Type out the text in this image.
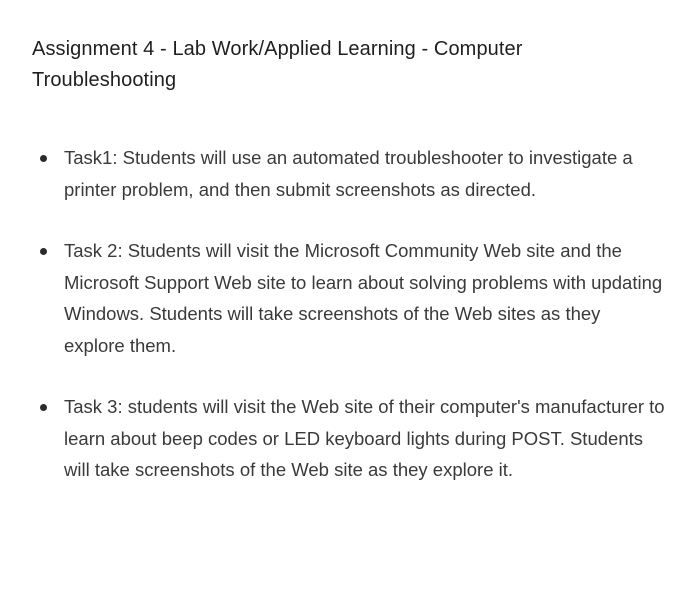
Assignment 4 - Lab Work/Applied Learning - Computer Troubleshooting
Task1: Students will use an automated troubleshooter to investigate a printer problem, and then submit screenshots as directed.
Task 2: Students will visit the Microsoft Community Web site and the Microsoft Support Web site to learn about solving problems with updating Windows. Students will take screenshots of the Web sites as they explore them.
Task 3: students will visit the Web site of their computer's manufacturer to learn about beep codes or LED keyboard lights during POST. Students will take screenshots of the Web site as they explore it.
